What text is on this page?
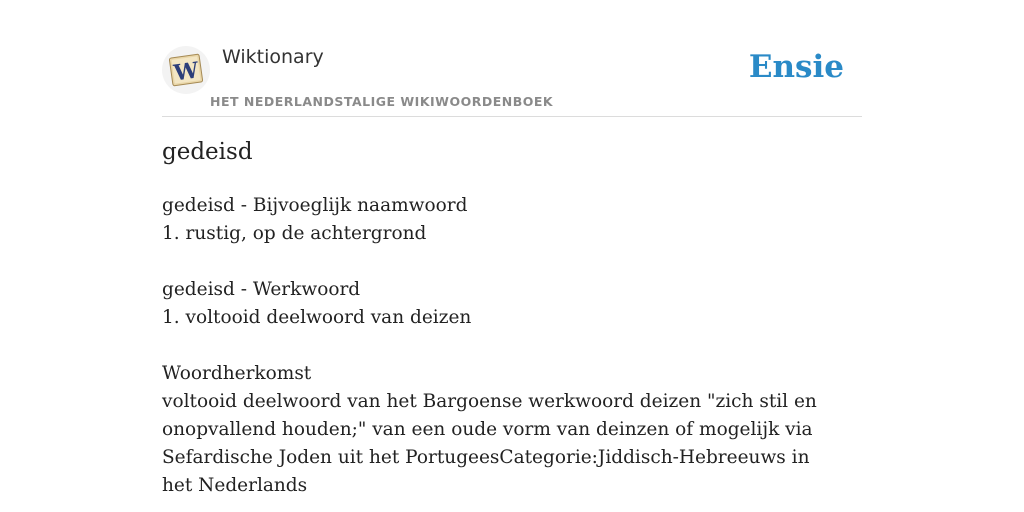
W
Wiktionary
HET NEDERLANDSTALIGE WIKIWOORDENBOEK
Ensie
gedeisd
gedeisd - Bijvoeglijk naamwoord
1. rustig, op de achtergrond
gedeisd - Werkwoord
1. voltooid deelwoord van deizen
Woordherkomst
voltooid deelwoord van het Bargoense werkwoord deizen "zich stil en onopvallend houden;" van een oude vorm van deinzen of mogelijk via Sefardische Joden uit het PortugeesCategorie:Jiddisch-Hebreeuws in het Nederlands
